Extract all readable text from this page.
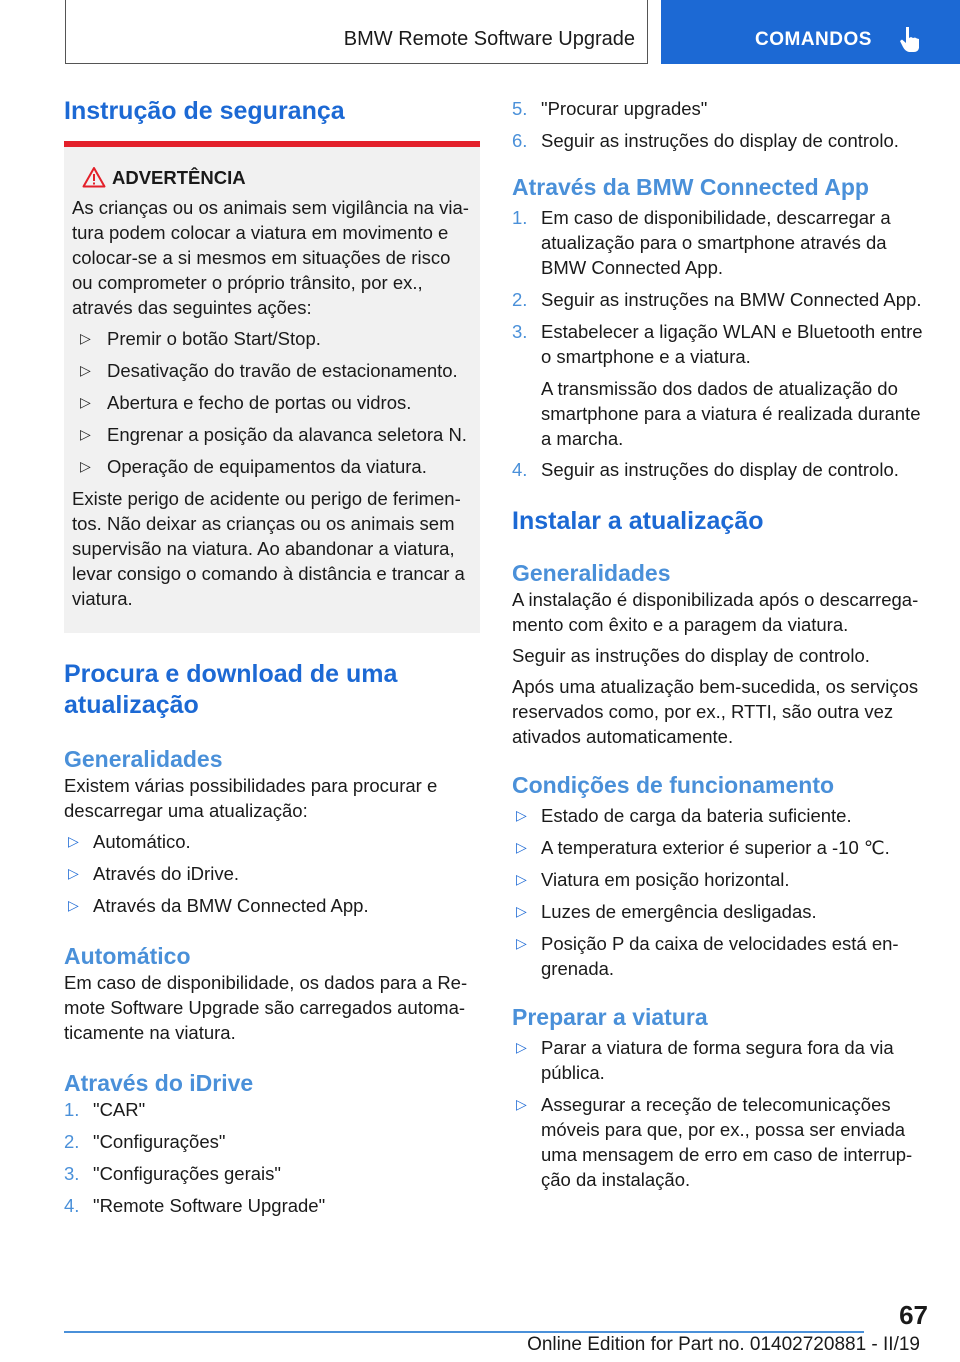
BMW Remote Software Upgrade	COMANDOS
Instrução de segurança
ADVERTÊNCIA

As crianças ou os animais sem vigilância na viatura podem colocar a viatura em movimento e colocar-se a si mesmos em situações de risco ou comprometer o próprio trânsito, por ex., através das seguintes ações:

▷ Premir o botão Start/Stop.
▷ Desativação do travão de estacionamento.
▷ Abertura e fecho de portas ou vidros.
▷ Engrenar a posição da alavanca seletora N.
▷ Operação de equipamentos da viatura.

Existe perigo de acidente ou perigo de ferimentos. Não deixar as crianças ou os animais sem supervisão na viatura. Ao abandonar a viatura, levar consigo o comando à distância e trancar a viatura.

Procura e download de uma atualização
Generalidades

Existem várias possibilidades para procurar e descarregar uma atualização:

▷ Automático.
▷ Através do iDrive.
▷ Através da BMW Connected App.
Automático

Em caso de disponibilidade, os dados para a Remote Software Upgrade são carregados automaticamente na viatura.

Através do iDrive
1. "CAR"
2. "Configurações"
3. "Configurações gerais"
4. "Remote Software Upgrade"
5. "Procurar upgrades"
6. Seguir as instruções do display de controlo.
Através da BMW Connected App
1. Em caso de disponibilidade, descarregar a atualização para o smartphone através da BMW Connected App.
2. Seguir as instruções na BMW Connected App.
3. Estabelecer a ligação WLAN e Bluetooth entre o smartphone e a viatura.

A transmissão dos dados de atualização do smartphone para a viatura é realizada durante a marcha.

4. Seguir as instruções do display de controlo.
Instalar a atualização
Generalidades

A instalação é disponibilizada após o descarregamento com êxito e a paragem da viatura.

Seguir as instruções do display de controlo.

Após uma atualização bem-sucedida, os serviços reservados como, por ex., RTTI, são outra vez ativados automaticamente.

Condições de funcionamento
▷ Estado de carga da bateria suficiente.
▷ A temperatura exterior é superior a ‑10 ℃.
▷ Viatura em posição horizontal.
▷ Luzes de emergência desligadas.
▷ Posição P da caixa de velocidades está engrenada.
Preparar a viatura
▷ Parar a viatura de forma segura fora da via pública.
▷ Assegurar a receção de telecomunicações móveis para que, por ex., possa ser enviada uma mensagem de erro em caso de interrupção da instalação.
67
Online Edition for Part no. 01402720881 - II/19
